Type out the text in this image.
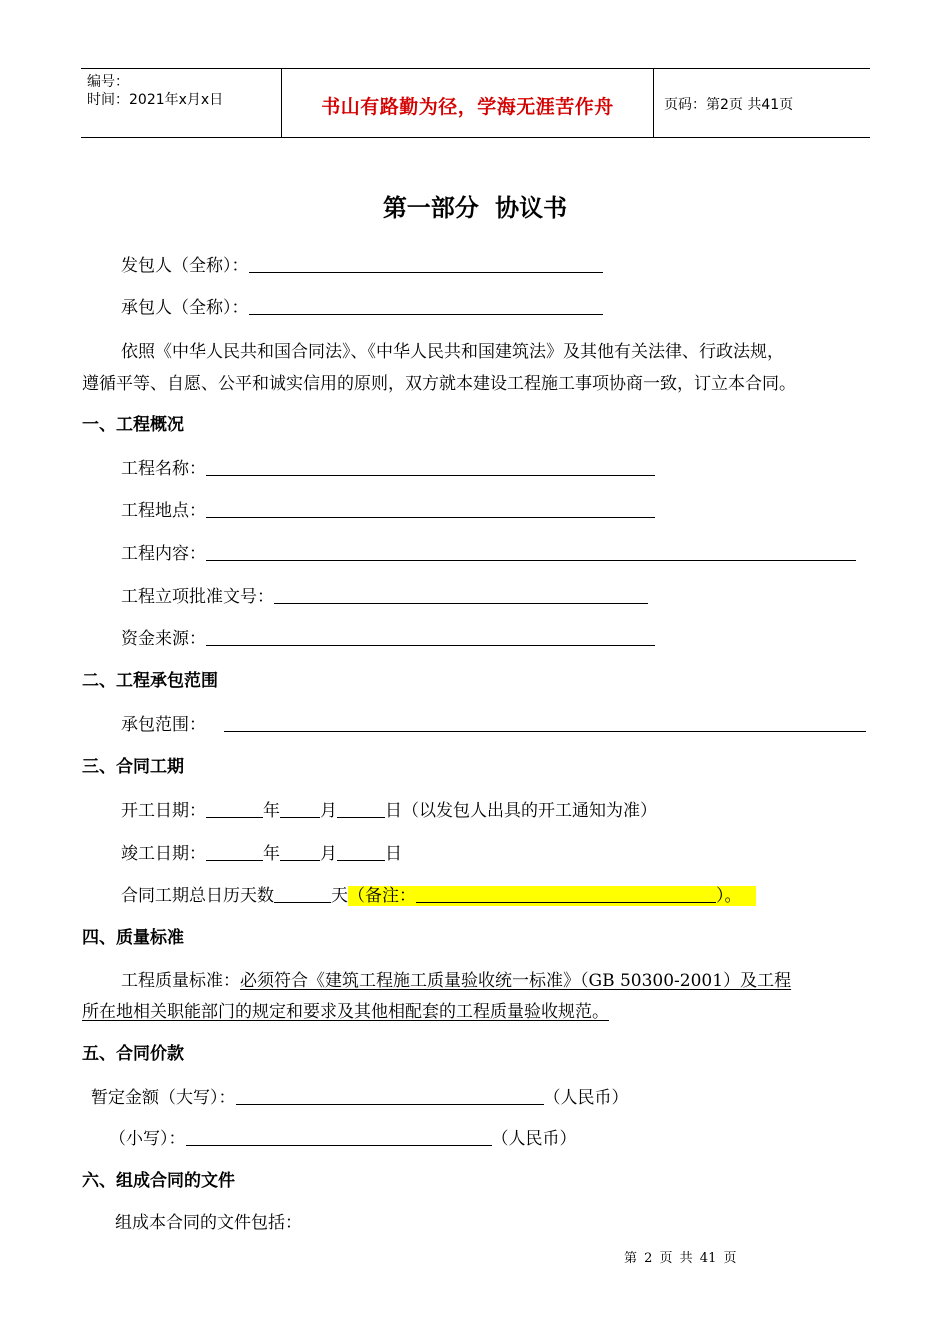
编号：
时间：2021年x月x日	书山有路勤为径，学海无涯苦作舟	页码：第2页 共41页
第一部分 协议书
发包人（全称）：
承包人（全称）：
依照《中华人民共和国合同法》、《中华人民共和国建筑法》及其他有关法律、行政法规，
遵循平等、自愿、公平和诚实信用的原则，双方就本建设工程施工事项协商一致，订立本合同。
一、工程概况
工程名称：
工程地点：
工程内容：
工程立项批准文号：
资金来源：
二、工程承包范围
承包范围：
三、合同工期
开工日期：	年 月	日（以发包人出具的开工通知为准）
竣工日期：	年 月	日
合同工期总日历天数	天（备注：	）。
四、质量标准
工程质量标准：必须符合《建筑工程施工质量验收统一标准》（GB 50300-2001）及工程
所在地相关职能部门的规定和要求及其他相配套的工程质量验收规范。
五、合同价款
暂定金额（大写）：	（人民币）
（小写）：	（人民币）
六、组成合同的文件
组成本合同的文件包括：
第 2 页 共 41 页
